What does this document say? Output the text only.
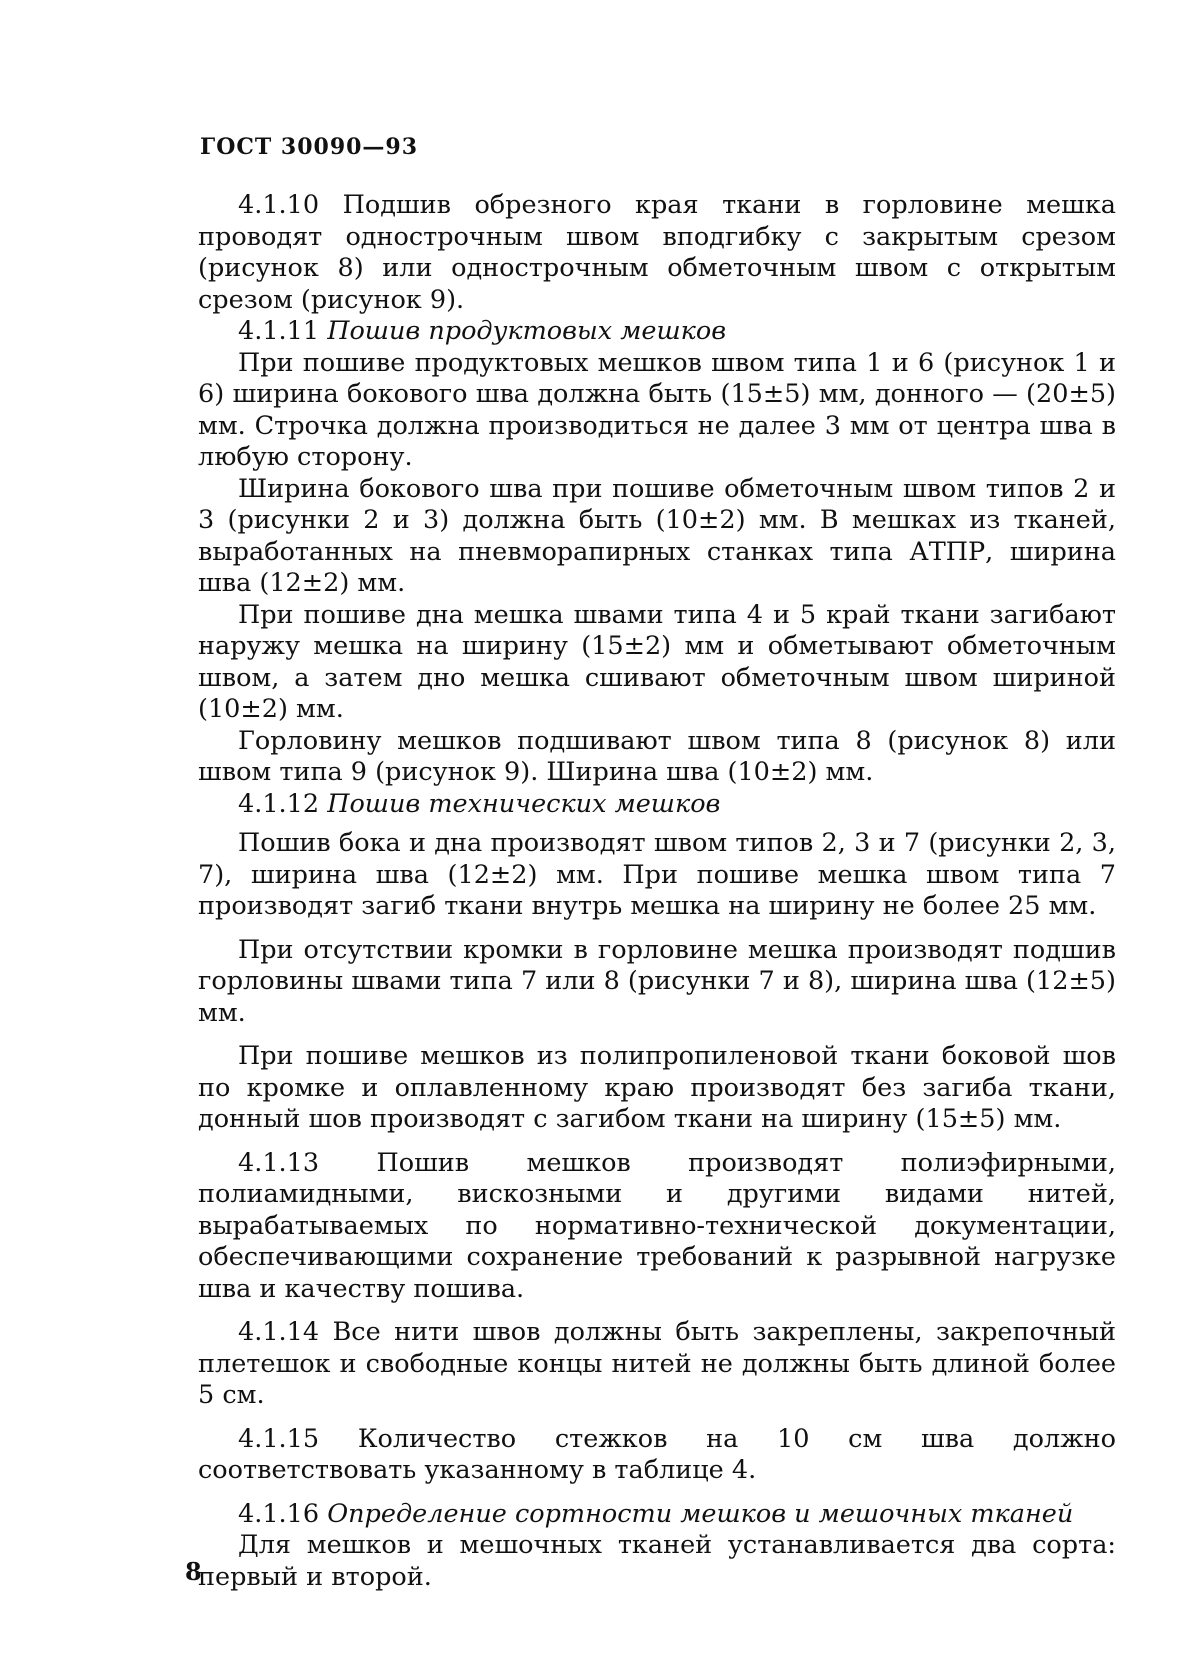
ГОСТ 30090—93

4.1.10 Подшив обрезного края ткани в горловине мешка проводят однострочным швом вподгибку с закрытым срезом (рисунок 8) или однострочным обметочным швом с открытым срезом (рисунок 9).

4.1.11 Пошив продуктовых мешков

При пошиве продуктовых мешков швом типа 1 и 6 (рисунок 1 и 6) ширина бокового шва должна быть (15±5) мм, донного — (20±5) мм. Строчка должна производиться не далее 3 мм от центра шва в любую сторону.

Ширина бокового шва при пошиве обметочным швом типов 2 и 3 (рисунки 2 и 3) должна быть (10±2) мм. В мешках из тканей, выработанных на пневморапирных станках типа АТПР, ширина шва (12±2) мм.

При пошиве дна мешка швами типа 4 и 5 край ткани загибают наружу мешка на ширину (15±2) мм и обметывают обметочным швом, а затем дно мешка сшивают обметочным швом шириной (10±2) мм.

Горловину мешков подшивают швом типа 8 (рисунок 8) или швом типа 9 (рисунок 9). Ширина шва (10±2) мм.

4.1.12 Пошив технических мешков

Пошив бока и дна производят швом типов 2, 3 и 7 (рисунки 2, 3, 7), ширина шва (12±2) мм. При пошиве мешка швом типа 7 производят загиб ткани внутрь мешка на ширину не более 25 мм.

При отсутствии кромки в горловине мешка производят подшив горловины швами типа 7 или 8 (рисунки 7 и 8), ширина шва (12±5) мм.

При пошиве мешков из полипропиленовой ткани боковой шов по кромке и оплавленному краю производят без загиба ткани, донный шов производят с загибом ткани на ширину (15±5) мм.

4.1.13 Пошив мешков производят полиэфирными, полиамидными, вискозными и другими видами нитей, вырабатываемых по нормативно-технической документации, обеспечивающими сохранение требований к разрывной нагрузке шва и качеству пошива.

4.1.14 Все нити швов должны быть закреплены, закрепочный плетешок и свободные концы нитей не должны быть длиной более 5 см.

4.1.15 Количество стежков на 10 см шва должно соответствовать указанному в таблице 4.

4.1.16 Определение сортности мешков и мешочных тканей

Для мешков и мешочных тканей устанавливается два сорта: первый и второй.

8
